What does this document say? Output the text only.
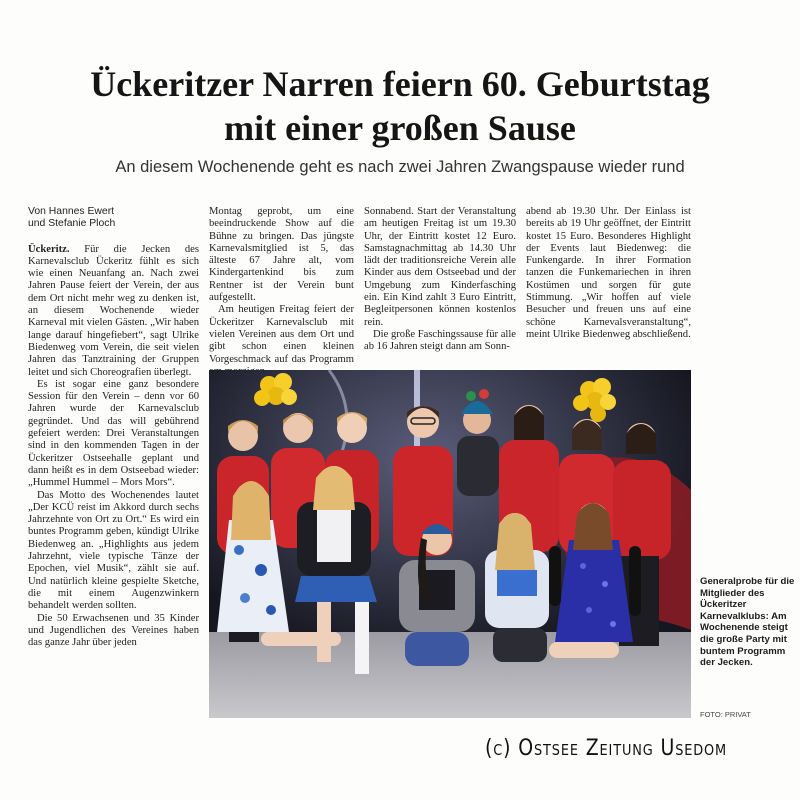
Ückeritzer Narren feiern 60. Geburtstag
mit einer großen Sause
An diesem Wochenende geht es nach zwei Jahren Zwangspause wieder rund
Von Hannes Ewert
und Stefanie Ploch

Ückeritz. Für die Jecken des Karnevalsclub Ückeritz fühlt es sich wie einen Neuanfang an. Nach zwei Jahren Pause feiert der Verein, der aus dem Ort nicht mehr weg zu denken ist, an diesem Wochenende wieder Karneval mit vielen Gästen. „Wir haben lange darauf hingefiebert“, sagt Ulrike Biedenweg vom Verein, die seit vielen Jahren das Tanztraining der Gruppen leitet und sich Choreografien überlegt.

Es ist sogar eine ganz besondere Session für den Verein – denn vor 60 Jahren wurde der Karnevalsclub gegründet. Und das will gebührend gefeiert werden: Drei Veranstaltungen sind in den kommenden Tagen in der Ückeritzer Ostseehalle geplant und dann heißt es in dem Ostseebad wieder: „Hummel Hummel – Mors Mors“.

Das Motto des Wochenendes lautet „Der KCÜ reist im Akkord durch sechs Jahrzehnte von Ort zu Ort.“ Es wird ein buntes Programm geben, kündigt Ulrike Biedenweg an. „Highlights aus jedem Jahrzehnt, viele typische Tänze der Epochen, viel Musik“, zählt sie auf. Und natürlich kleine gespielte Sketche, die mit einem Augenzwinkern behandelt werden sollten.

Die 50 Erwachsenen und 35 Kinder und Jugendlichen des Vereines haben das ganze Jahr über jeden

Montag geprobt, um eine beeindruckende Show auf die Bühne zu bringen. Das jüngste Karnevalsmitglied ist 5, das älteste 67 Jahre alt, vom Kindergartenkind bis zum Rentner ist der Verein bunt aufgestellt.

Am heutigen Freitag feiert der Ückeritzer Karnevalsclub mit vielen Vereinen aus dem Ort und gibt schon einen kleinen Vorgeschmack auf das Programm

Sonnabend. Start der Veranstaltung am heutigen Freitag ist um 19.30 Uhr, der Eintritt kostet 12 Euro. Samstagnachmittag ab 14.30 Uhr lädt der traditionsreiche Verein alle Kinder aus dem Ostseebad und der Umgebung zum Kinderfasching ein. Ein Kind zahlt 3 Euro Eintritt, Begleitpersonen können kostenlos rein.

Die große Faschingssause für alle ab 16 Jahren steigt dann am Sonn-

abend ab 19.30 Uhr. Der Einlass ist bereits ab 19 Uhr geöffnet, der Eintritt kostet 15 Euro. Besonderes Highlight der Events laut Biedenweg: die Funkengarde. In ihrer Formation tanzen die Funkemariechen in ihren Kostümen und sorgen für gute Stimmung. „Wir hoffen auf viele Besucher und freuen uns auf eine schöne Karnevalsveranstaltung“, meint Ulrike Biedenweg abschließend.

Generalprobe für die Mitglieder des Ückeritzer Karnevalklubs: Am Wochenende steigt die große Party mit buntem Programm der Jecken.
FOTO: PRIVAT
(c) Ostsee Zeitung Usedom
